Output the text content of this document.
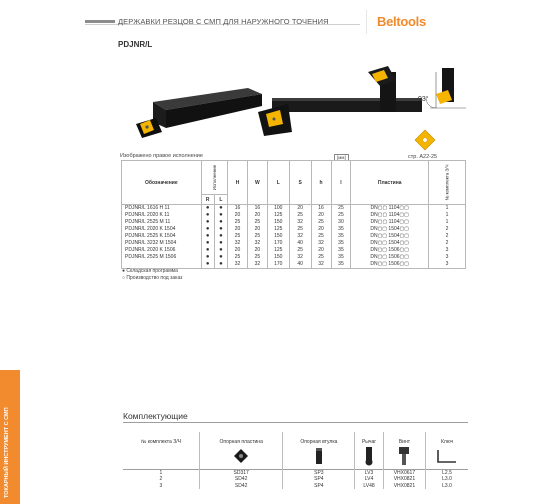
ДЕРЖАВКИ РЕЗЦОВ С СМП ДЛЯ НАРУЖНОГО ТОЧЕНИЯ	Beltools
PDJNR/L
93°
стр. A22-25
Изображено правое исполнение	[мм]
Обозначение	Исполнение		H	W	L	S	h	l	Пластина	№ комплекта З/Ч
	R	L								
PDJNR/L 1616 H 11	●	●	16	16	100	20	16	25	DN▢▢ 1104▢▢	1
PDJNR/L 2020 K 11	●	●	20	20	125	25	20	25	DN▢▢ 1104▢▢	1
PDJNR/L 2525 M 11	●	●	25	25	150	32	25	30	DN▢▢ 1104▢▢	1
PDJNR/L 2020 K 1504	●	●	20	20	125	25	20	35	DN▢▢ 1504▢▢	2
PDJNR/L 2525 K 1504	●	●	25	25	150	32	25	35	DN▢▢ 1504▢▢	2
PDJNR/L 3232 M 1504	●	●	32	32	170	40	32	35	DN▢▢ 1504▢▢	2
PDJNR/L 2020 K 1506	●	●	20	20	125	25	20	35	DN▢▢ 1506▢▢	3
PDJNR/L 2525 M 1506	●	●	25	25	150	32	25	35	DN▢▢ 1506▢▢	3
	●	●	32	32	170	40	32	35	DN▢▢ 1506▢▢	3
● Складская программа
○ Производство под заказ
Комплектующие
№ комплекта З/Ч	Опорная пластина	Опорная втулка	Рычаг	Винт	Ключ

1	SD317	SP3	LV3	VHX0617	L2.5
2	SD42	SP4	LV4	VHX0821	L3.0
3	SD42	SP4	LV48	VHX0821	L3.0
ТОКАРНЫЙ ИНСТРУМЕНТ С СМП
